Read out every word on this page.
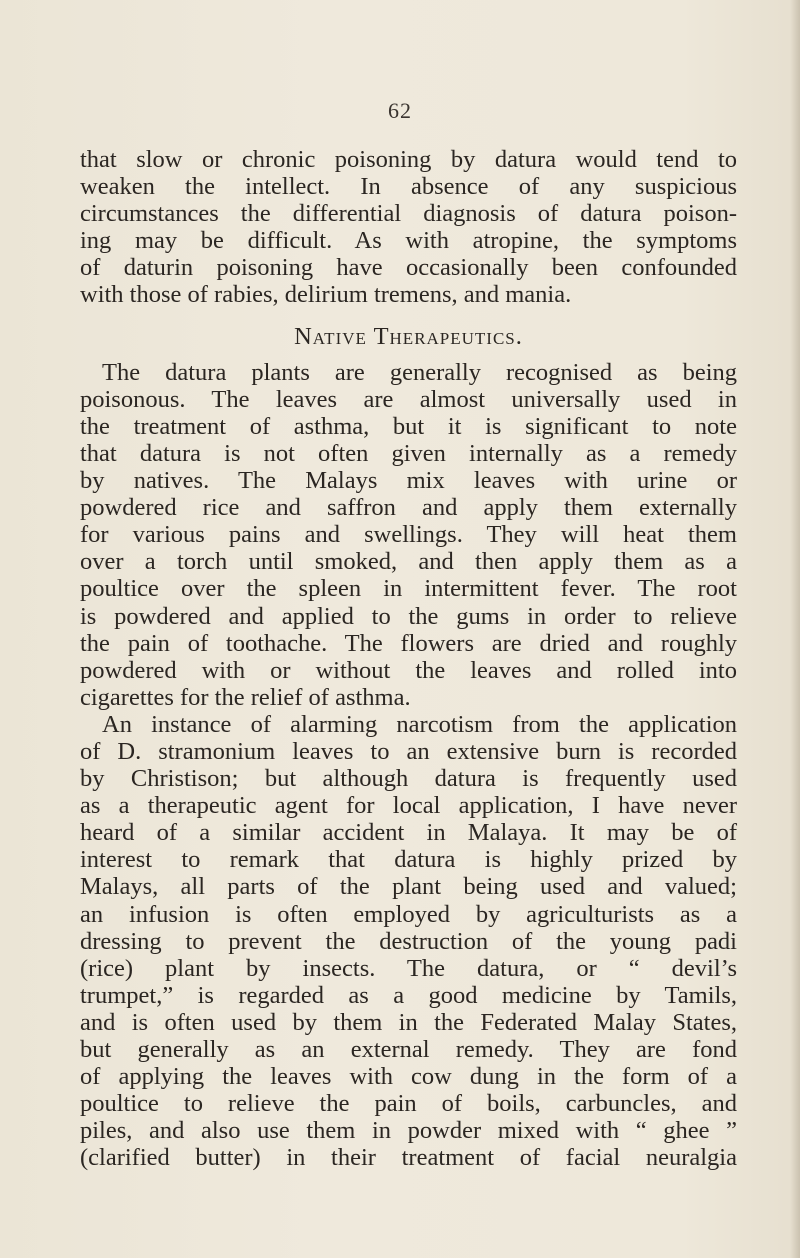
62
that slow or chronic poisoning by datura would tend to
weaken the intellect. In absence of any suspicious
circumstances the differential diagnosis of datura poison-
ing may be difficult. As with atropine, the symptoms
of daturin poisoning have occasionally been confounded
with those of rabies, delirium tremens, and mania.
Native Therapeutics.
The datura plants are generally recognised as being
poisonous. The leaves are almost universally used in
the treatment of asthma, but it is significant to note
that datura is not often given internally as a remedy
by natives. The Malays mix leaves with urine or
powdered rice and saffron and apply them externally
for various pains and swellings. They will heat them
over a torch until smoked, and then apply them as a
poultice over the spleen in intermittent fever. The root
is powdered and applied to the gums in order to relieve
the pain of toothache. The flowers are dried and roughly
powdered with or without the leaves and rolled into
cigarettes for the relief of asthma.
An instance of alarming narcotism from the application
of D. stramonium leaves to an extensive burn is recorded
by Christison; but although datura is frequently used
as a therapeutic agent for local application, I have never
heard of a similar accident in Malaya. It may be of
interest to remark that datura is highly prized by
Malays, all parts of the plant being used and valued;
an infusion is often employed by agriculturists as a
dressing to prevent the destruction of the young padi
(rice) plant by insects. The datura, or “ devil’s
trumpet,” is regarded as a good medicine by Tamils,
and is often used by them in the Federated Malay States,
but generally as an external remedy. They are fond
of applying the leaves with cow dung in the form of a
poultice to relieve the pain of boils, carbuncles, and
piles, and also use them in powder mixed with “ ghee ”
(clarified butter) in their treatment of facial neuralgia
